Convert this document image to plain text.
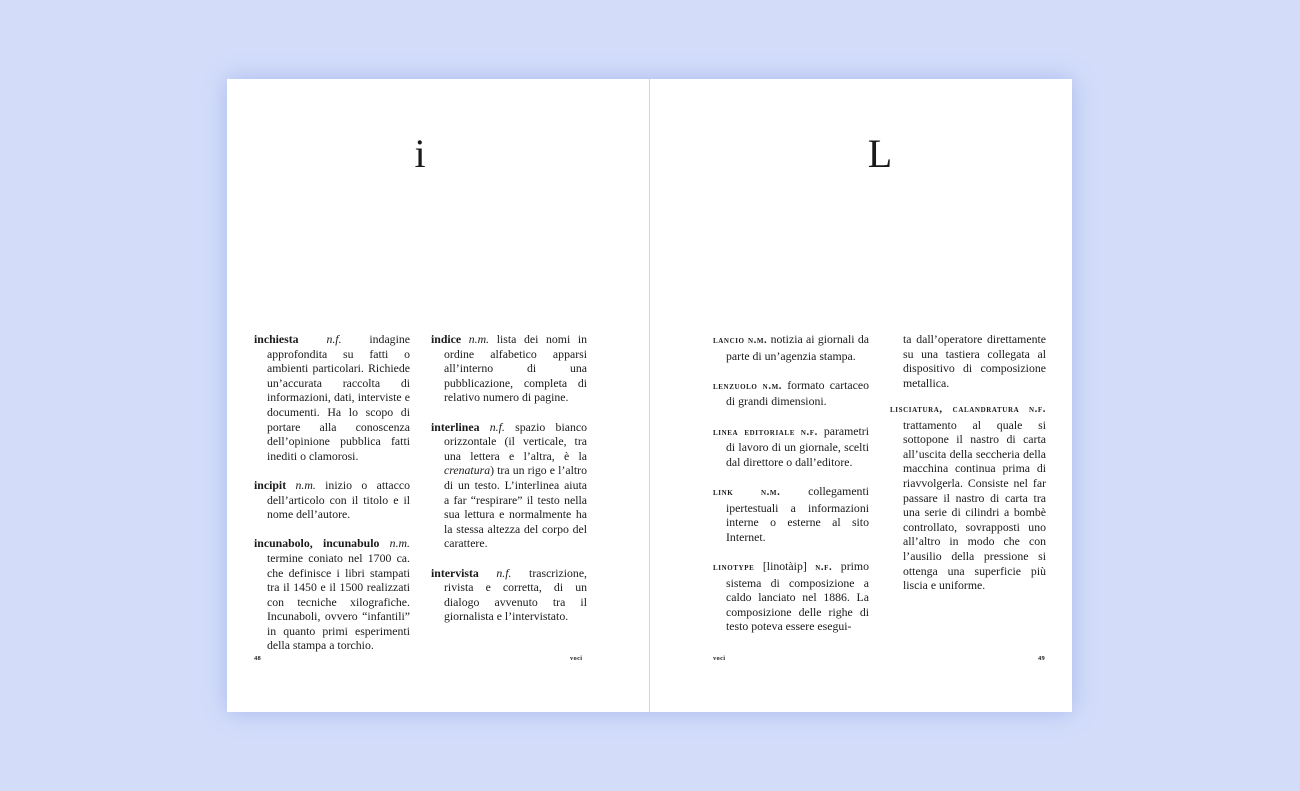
i

inchiesta n.f. indagine approfondita su fatti o ambienti particolari. Richiede un’accurata raccolta di informazioni, dati, interviste e documenti. Ha lo scopo di portare alla conoscenza dell’opinione pubblica fatti inediti o clamorosi.

incipit n.m. inizio o attacco dell’articolo con il titolo e il nome dell’autore.

incunabolo, incunabulo n.m. termine coniato nel 1700 ca. che definisce i libri stampati tra il 1450 e il 1500 realizzati con tecniche xilografiche. Incunaboli, ovvero “infantili” in quanto primi esperimenti della stampa a torchio.

indice n.m. lista dei nomi in ordine alfabetico apparsi all’interno di una pubblicazione, completa di relativo numero di pagine.

interlinea n.f. spazio bianco orizzontale (il verticale, tra una lettera e l’altra, è la crenatura) tra un rigo e l’altro di un testo. L’interlinea aiuta a far “respirare” il testo nella sua lettura e normalmente ha la stessa altezza del corpo del carattere.

intervista n.f. trascrizione, rivista e corretta, di un dialogo avvenuto tra il giornalista e l’intervistato.

48	voci
L

lancio n.m. notizia ai giornali da parte di un’agenzia stampa.

lenzuolo n.m. formato cartaceo di grandi dimensioni.

linea editoriale n.f. parametri di lavoro di un giornale, scelti dal direttore o dall’editore.

link	n.m. collegamenti ipertestuali a informazioni interne o esterne al sito Internet.

linotype [linotàip] n.f. primo sistema di composizione a caldo lanciato nel 1886. La composizione delle righe di testo poteva essere esegui-

ta dall’operatore direttamente su una tastiera collegata al dispositivo di composizione metallica.

lisciatura, calandratura n.f. trattamento al quale si sottopone il nastro di carta all’uscita della seccheria della macchina continua prima di riavvolgerla. Consiste nel far passare il nastro di carta tra una serie di cilindri a bombè controllato, sovrapposti uno all’altro in modo che con l’ausilio della pressione si ottenga una superficie più liscia e uniforme.

voci	49
